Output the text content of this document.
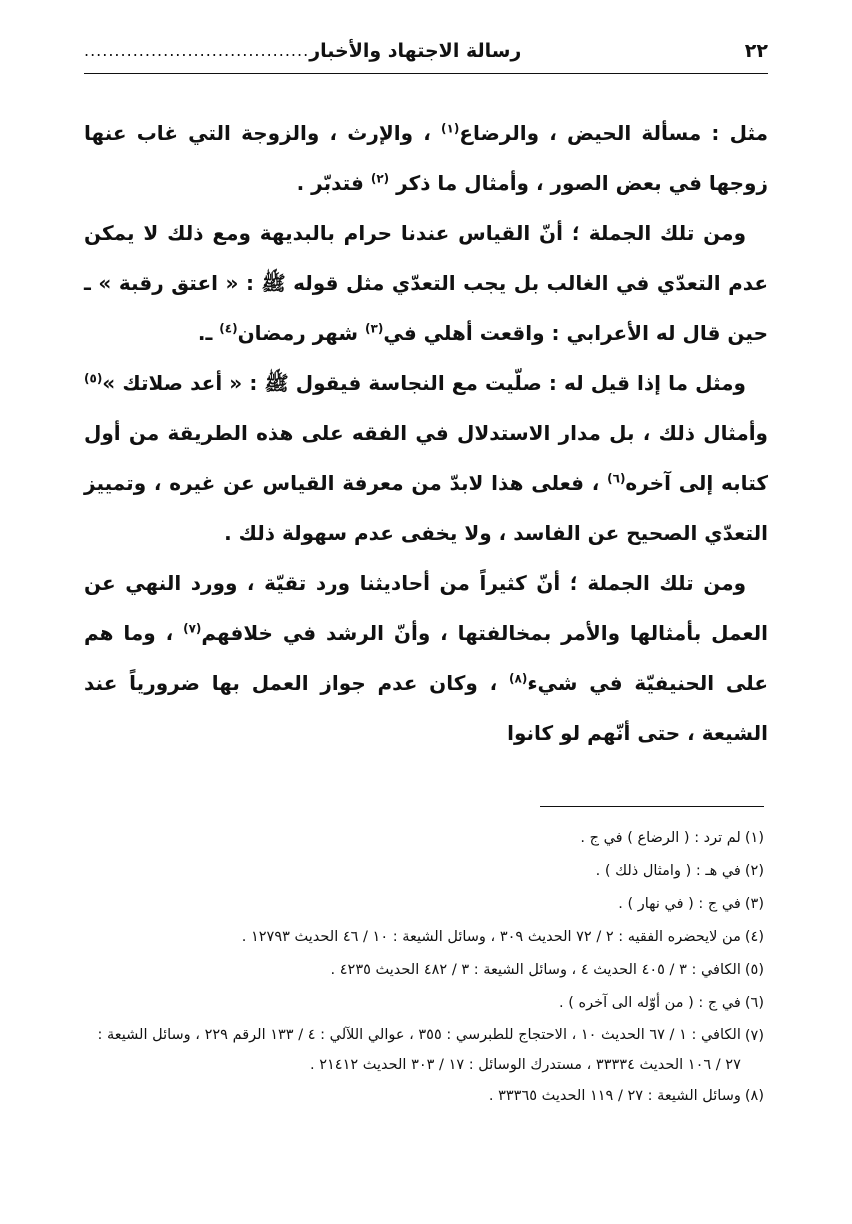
٢٢
رسالة الاجتهاد والأخبار
.....................................

مثل : مسألة الحيض ، والرضاع$^{(١)}$ ، والإرث ، والزوجة التي غاب عنها زوجها في بعض الصور ، وأمثال ما ذكر $^{(٢)}$ فتدبّر .

ومن تلك الجملة ؛ أنّ القياس عندنا حرام بالبديهة ومع ذلك لا يمكن عدم التعدّي في الغالب بل يجب التعدّي مثل قوله ﷺ : « اعتق رقبة » ـ حين قال له الأعرابي : واقعت أهلي في$^{(٣)}$ شهر رمضان$^{(٤)}$ ـ.

ومثل ما إذا قيل له : صلّيت مع النجاسة فيقول ﷺ : « أعد صلاتك »$^{(٥)}$ وأمثال ذلك ، بل مدار الاستدلال في الفقه على هذه الطريقة من أول كتابه إلى آخره$^{(٦)}$ ، فعلى هذا لابدّ من معرفة القياس عن غيره ، وتمييز التعدّي الصحيح عن الفاسد ، ولا يخفى عدم سهولة ذلك .

ومن تلك الجملة ؛ أنّ كثيراً من أحاديثنا ورد تقيّة ، وورد النهي عن العمل بأمثالها والأمر بمخالفتها ، وأنّ الرشد في خلافهم$^{(٧)}$ ، وما هم على الحنيفيّة في شيء$^{(٨)}$ ، وكان عدم جواز العمل بها ضرورياً عند الشيعة ، حتى أنّهم لو كانوا

(١)
لم ترد : ( الرضاع ) في ج .
(٢)
في هـ : ( وامثال ذلك ) .
(٣)
في ج : ( في نهار ) .
(٤)
من لايحضره الفقيه : ٢ / ٧٢ الحديث ٣٠٩ ، وسائل الشيعة : ١٠ / ٤٦ الحديث ١٢٧٩٣ .
(٥)
الكافي : ٣ / ٤٠٥ الحديث ٤ ، وسائل الشيعة : ٣ / ٤٨٢ الحديث ٤٢٣٥ .
(٦)
في ج : ( من أوّله الى آخره ) .
(٧)
الكافي : ١ / ٦٧ الحديث ١٠ ، الاحتجاج للطبرسي : ٣٥٥ ، عوالي اللآلي : ٤ / ١٣٣ الرقم ٢٢٩ ، وسائل الشيعة : ٢٧ / ١٠٦ الحديث ٣٣٣٣٤ ، مستدرك الوسائل : ١٧ / ٣٠٣ الحديث ٢١٤١٢ .
(٨)
وسائل الشيعة : ٢٧ / ١١٩ الحديث ٣٣٣٦٥ .
